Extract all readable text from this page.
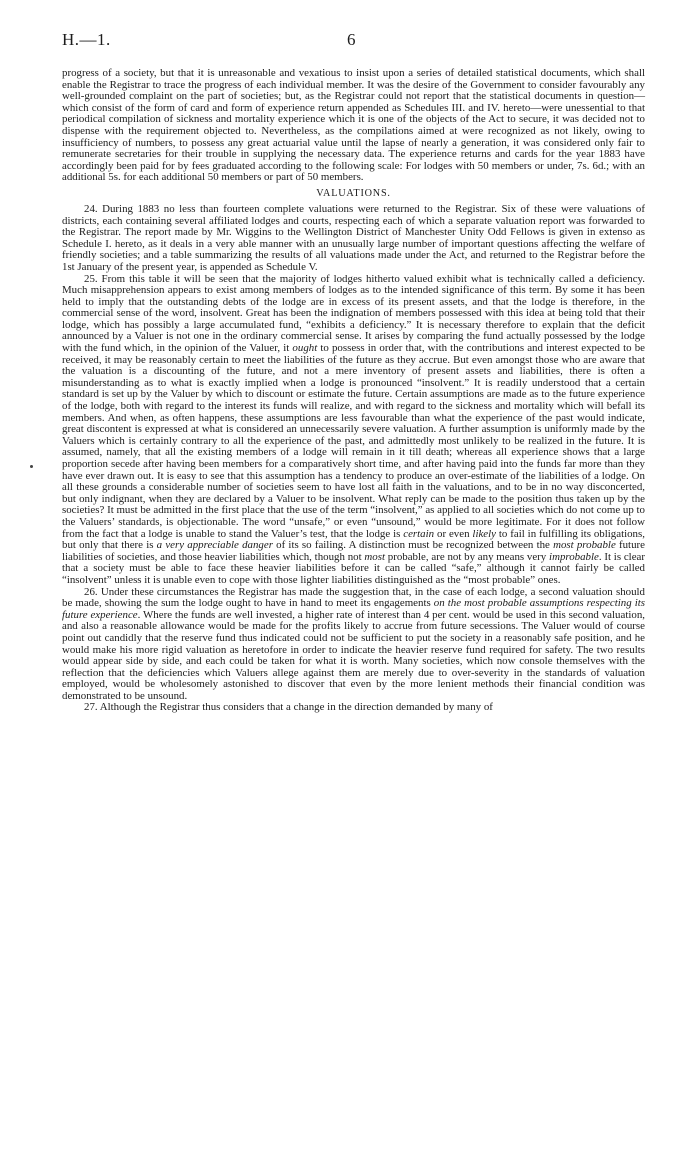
H.—1.	6

progress of a society, but that it is unreasonable and vexatious to insist upon a series of detailed statistical documents, which shall enable the Registrar to trace the progress of each individual member. It was the desire of the Government to consider favourably any well-grounded complaint on the part of societies; but, as the Registrar could not report that the statistical documents in question—which consist of the form of card and form of experience return appended as Schedules III. and IV. hereto—were unessential to that periodical compilation of sickness and mortality experience which it is one of the objects of the Act to secure, it was decided not to dispense with the requirement objected to. Nevertheless, as the compilations aimed at were recognized as not likely, owing to insufficiency of numbers, to possess any great actuarial value until the lapse of nearly a generation, it was considered only fair to remunerate secretaries for their trouble in supplying the necessary data. The experience returns and cards for the year 1883 have accordingly been paid for by fees graduated according to the following scale: For lodges with 50 members or under, 7s. 6d.; with an additional 5s. for each additional 50 members or part of 50 members.

VALUATIONS.

24. During 1883 no less than fourteen complete valuations were returned to the Registrar. Six of these were valuations of districts, each containing several affiliated lodges and courts, respecting each of which a separate valuation report was forwarded to the Registrar. The report made by Mr. Wiggins to the Wellington District of Manchester Unity Odd Fellows is given in extenso as Schedule I. hereto, as it deals in a very able manner with an unusually large number of important questions affecting the welfare of friendly societies; and a table summarizing the results of all valuations made under the Act, and returned to the Registrar before the 1st January of the present year, is appended as Schedule V.

25. From this table it will be seen that the majority of lodges hitherto valued exhibit what is technically called a deficiency. Much misapprehension appears to exist among members of lodges as to the intended significance of this term. By some it has been held to imply that the outstanding debts of the lodge are in excess of its present assets, and that the lodge is therefore, in the commercial sense of the word, insolvent. Great has been the indignation of members possessed with this idea at being told that their lodge, which has possibly a large accumulated fund, “exhibits a deficiency.” It is necessary therefore to explain that the deficit announced by a Valuer is not one in the ordinary commercial sense. It arises by comparing the fund actually possessed by the lodge with the fund which, in the opinion of the Valuer, it ought to possess in order that, with the contributions and interest expected to be received, it may be reasonably certain to meet the liabilities of the future as they accrue. But even amongst those who are aware that the valuation is a discounting of the future, and not a mere inventory of present assets and liabilities, there is often a misunderstanding as to what is exactly implied when a lodge is pronounced “insolvent.” It is readily understood that a certain standard is set up by the Valuer by which to discount or estimate the future. Certain assumptions are made as to the future experience of the lodge, both with regard to the interest its funds will realize, and with regard to the sickness and mortality which will befall its members. And when, as often happens, these assumptions are less favourable than what the experience of the past would indicate, great discontent is expressed at what is considered an unnecessarily severe valuation. A further assumption is uniformly made by the Valuers which is certainly contrary to all the experience of the past, and admittedly most unlikely to be realized in the future. It is assumed, namely, that all the existing members of a lodge will remain in it till death; whereas all experience shows that a large proportion secede after having been members for a comparatively short time, and after having paid into the funds far more than they have ever drawn out. It is easy to see that this assumption has a tendency to produce an over-estimate of the liabilities of a lodge. On all these grounds a considerable number of societies seem to have lost all faith in the valuations, and to be in no way disconcerted, but only indignant, when they are declared by a Valuer to be insolvent. What reply can be made to the position thus taken up by the societies? It must be admitted in the first place that the use of the term “insolvent,” as applied to all societies which do not come up to the Valuers’ standards, is objectionable. The word “unsafe,” or even “unsound,” would be more legitimate. For it does not follow from the fact that a lodge is unable to stand the Valuer’s test, that the lodge is certain or even likely to fail in fulfilling its obligations, but only that there is a very appreciable danger of its so failing. A distinction must be recognized between the most probable future liabilities of societies, and those heavier liabilities which, though not most probable, are not by any means very improbable. It is clear that a society must be able to face these heavier liabilities before it can be called “safe,” although it cannot fairly be called “insolvent” unless it is unable even to cope with those lighter liabilities distinguished as the “most probable” ones.

26. Under these circumstances the Registrar has made the suggestion that, in the case of each lodge, a second valuation should be made, showing the sum the lodge ought to have in hand to meet its engagements on the most probable assumptions respecting its future experience. Where the funds are well invested, a higher rate of interest than 4 per cent. would be used in this second valuation, and also a reasonable allowance would be made for the profits likely to accrue from future secessions. The Valuer would of course point out candidly that the reserve fund thus indicated could not be sufficient to put the society in a reasonably safe position, and he would make his more rigid valuation as heretofore in order to indicate the heavier reserve fund required for safety. The two results would appear side by side, and each could be taken for what it is worth. Many societies, which now console themselves with the reflection that the deficiencies which Valuers allege against them are merely due to over-severity in the standards of valuation employed, would be wholesomely astonished to discover that even by the more lenient methods their financial condition was demonstrated to be unsound.

27. Although the Registrar thus considers that a change in the direction demanded by many of
